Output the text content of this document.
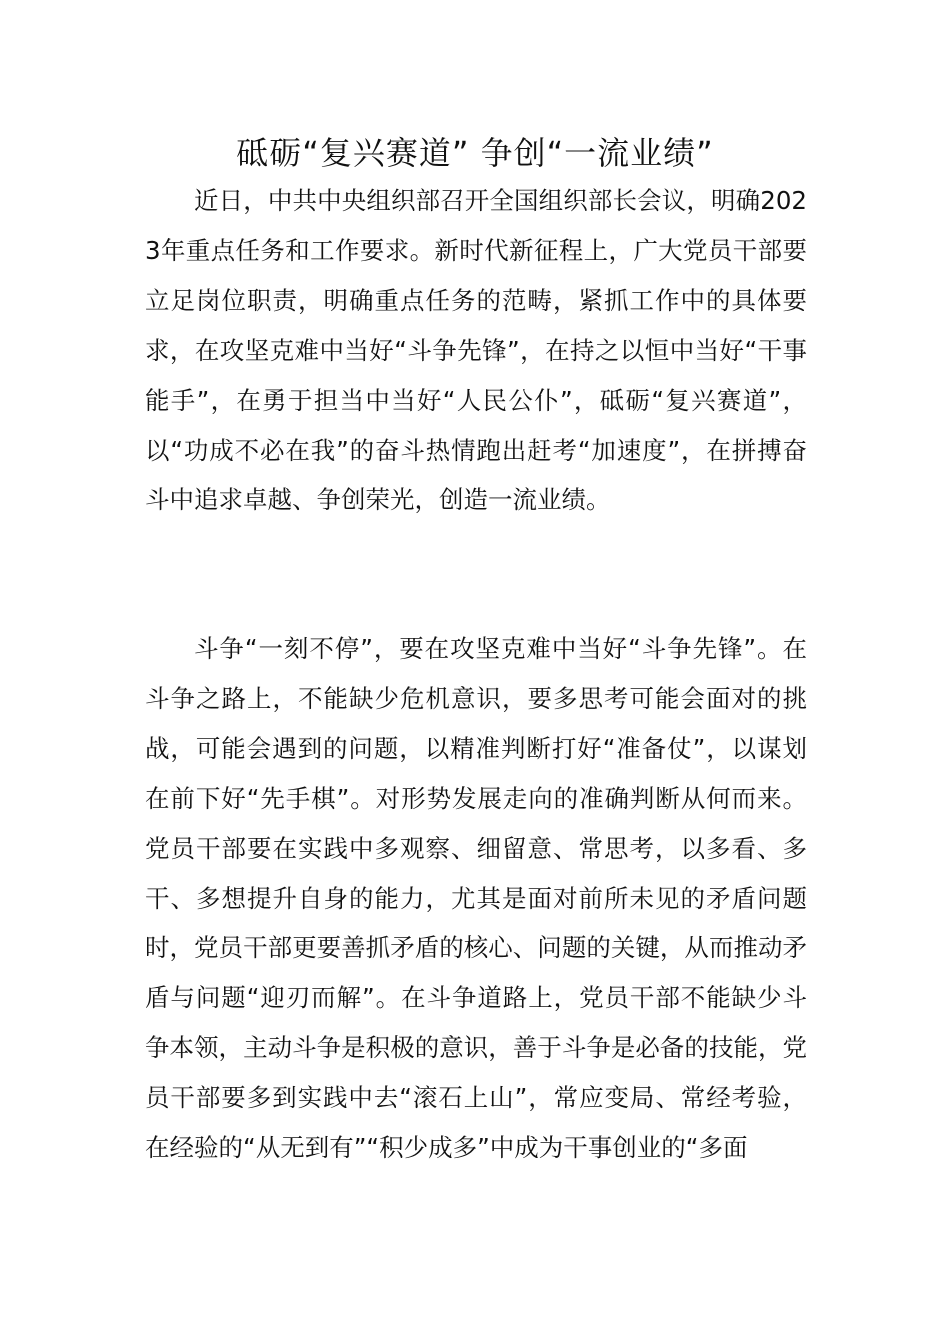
砥砺“复兴赛道” 争创“一流业绩”

近日，中共中央组织部召开全国组织部长会议，明确2023年重点任务和工作要求。新时代新征程上，广大党员干部要立足岗位职责，明确重点任务的范畴，紧抓工作中的具体要求，在攻坚克难中当好“斗争先锋”，在持之以恒中当好“干事能手”，在勇于担当中当好“人民公仆”，砥砺“复兴赛道”，以“功成不必在我”的奋斗热情跑出赶考“加速度”，在拼搏奋斗中追求卓越、争创荣光，创造一流业绩。

斗争“一刻不停”，要在攻坚克难中当好“斗争先锋”。在斗争之路上，不能缺少危机意识，要多思考可能会面对的挑战，可能会遇到的问题，以精准判断打好“准备仗”，以谋划在前下好“先手棋”。对形势发展走向的准确判断从何而来。党员干部要在实践中多观察、细留意、常思考，以多看、多干、多想提升自身的能力，尤其是面对前所未见的矛盾问题时，党员干部更要善抓矛盾的核心、问题的关键，从而推动矛盾与问题“迎刃而解”。在斗争道路上，党员干部不能缺少斗争本领，主动斗争是积极的意识，善于斗争是必备的技能，党员干部要多到实践中去“滚石上山”，常应变局、常经考验，在经验的“从无到有”“积少成多”中成为干事创业的“多面
